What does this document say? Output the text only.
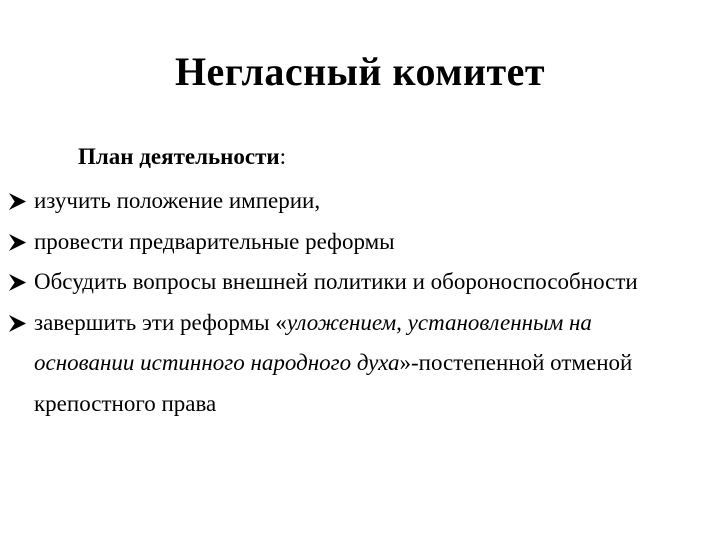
Негласный комитет
План деятельности:
изучить положение империи,
провести предварительные реформы
Обсудить вопросы внешней политики и обороноспособности
завершить эти реформы «уложением, установленным на основании истинного народного духа»-постепенной отменой крепостного права
